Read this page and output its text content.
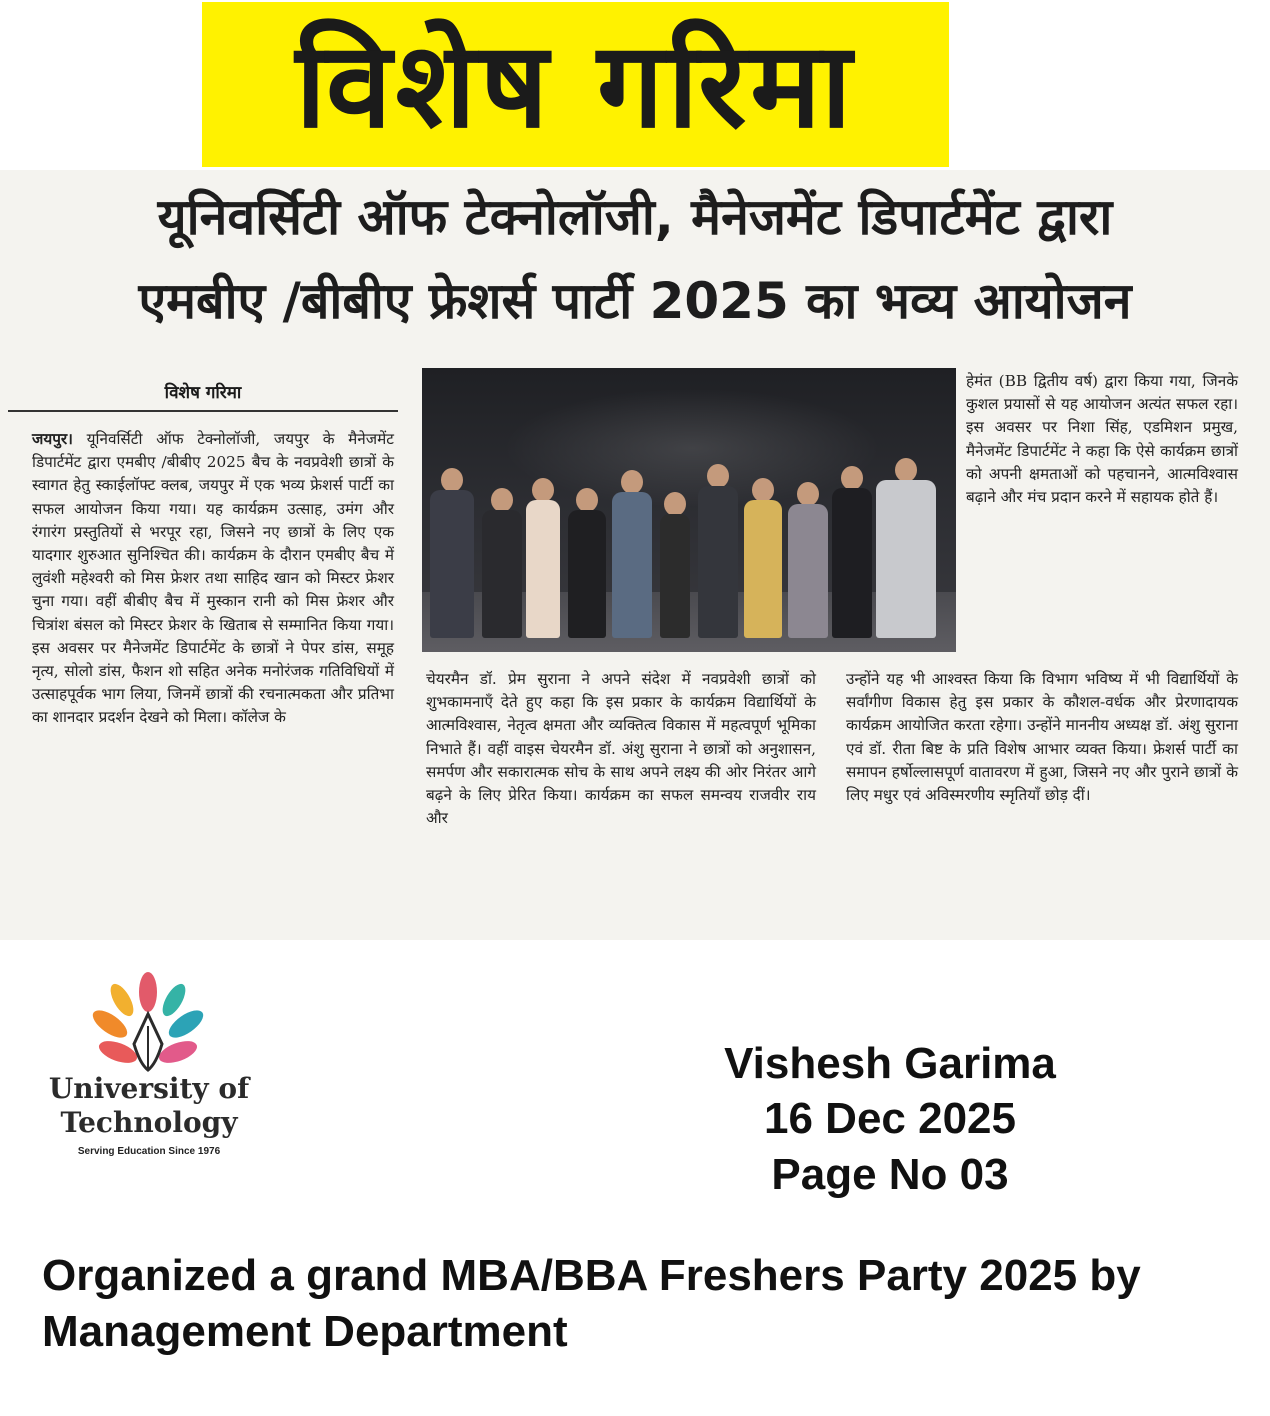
विशेष गरिमा
यूनिवर्सिटी ऑफ टेक्नोलॉजी, मैनेजमेंट डिपार्टमेंट द्वारा
एमबीए /बीबीए फ्रेशर्स पार्टी 2025 का भव्य आयोजन
विशेष गरिमा
जयपुर। यूनिवर्सिटी ऑफ टेक्नोलॉजी, जयपुर के मैनेजमेंट डिपार्टमेंट द्वारा एमबीए /बीबीए 2025 बैच के नवप्रवेशी छात्रों के स्वागत हेतु स्काईलॉफ्ट क्लब, जयपुर में एक भव्य फ्रेशर्स पार्टी का सफल आयोजन किया गया। यह कार्यक्रम उत्साह, उमंग और रंगारंग प्रस्तुतियों से भरपूर रहा, जिसने नए छात्रों के लिए एक यादगार शुरुआत सुनिश्चित की। कार्यक्रम के दौरान एमबीए बैच में लुवंशी महेश्वरी को मिस फ्रेशर तथा साहिद खान को मिस्टर फ्रेशर चुना गया। वहीं बीबीए बैच में मुस्कान रानी को मिस फ्रेशर और चित्रांश बंसल को मिस्टर फ्रेशर के खिताब से सम्मानित किया गया। इस अवसर पर मैनेजमेंट डिपार्टमेंट के छात्रों ने पेपर डांस, समूह नृत्य, सोलो डांस, फैशन शो सहित अनेक मनोरंजक गतिविधियों में उत्साहपूर्वक भाग लिया, जिनमें छात्रों की रचनात्मकता और प्रतिभा का शानदार प्रदर्शन देखने को मिला। कॉलेज के
हेमंत (BB द्वितीय वर्ष) द्वारा किया गया, जिनके कुशल प्रयासों से यह आयोजन अत्यंत सफल रहा। इस अवसर पर निशा सिंह, एडमिशन प्रमुख, मैनेजमेंट डिपार्टमेंट ने कहा कि ऐसे कार्यक्रम छात्रों को अपनी क्षमताओं को पहचानने, आत्मविश्वास बढ़ाने और मंच प्रदान करने में सहायक होते हैं।
चेयरमैन डॉ. प्रेम सुराना ने अपने संदेश में नवप्रवेशी छात्रों को शुभकामनाएँ देते हुए कहा कि इस प्रकार के कार्यक्रम विद्यार्थियों के आत्मविश्वास, नेतृत्व क्षमता और व्यक्तित्व विकास में महत्वपूर्ण भूमिका निभाते हैं। वहीं वाइस चेयरमैन डॉ. अंशु सुराना ने छात्रों को अनुशासन, समर्पण और सकारात्मक सोच के साथ अपने लक्ष्य की ओर निरंतर आगे बढ़ने के लिए प्रेरित किया। कार्यक्रम का सफल समन्वय राजवीर राय और
उन्होंने यह भी आश्वस्त किया कि विभाग भविष्य में भी विद्यार्थियों के सर्वांगीण विकास हेतु इस प्रकार के कौशल-वर्धक और प्रेरणादायक कार्यक्रम आयोजित करता रहेगा। उन्होंने माननीय अध्यक्ष डॉ. अंशु सुराना एवं डॉ. रीता बिष्ट के प्रति विशेष आभार व्यक्त किया। फ्रेशर्स पार्टी का समापन हर्षोल्लासपूर्ण वातावरण में हुआ, जिसने नए और पुराने छात्रों के लिए मधुर एवं अविस्मरणीय स्मृतियाँ छोड़ दीं।
University of Technology
Serving Education Since 1976
Vishesh Garima
16 Dec 2025
Page No 03
Organized a grand MBA/BBA Freshers Party 2025 by Management Department
